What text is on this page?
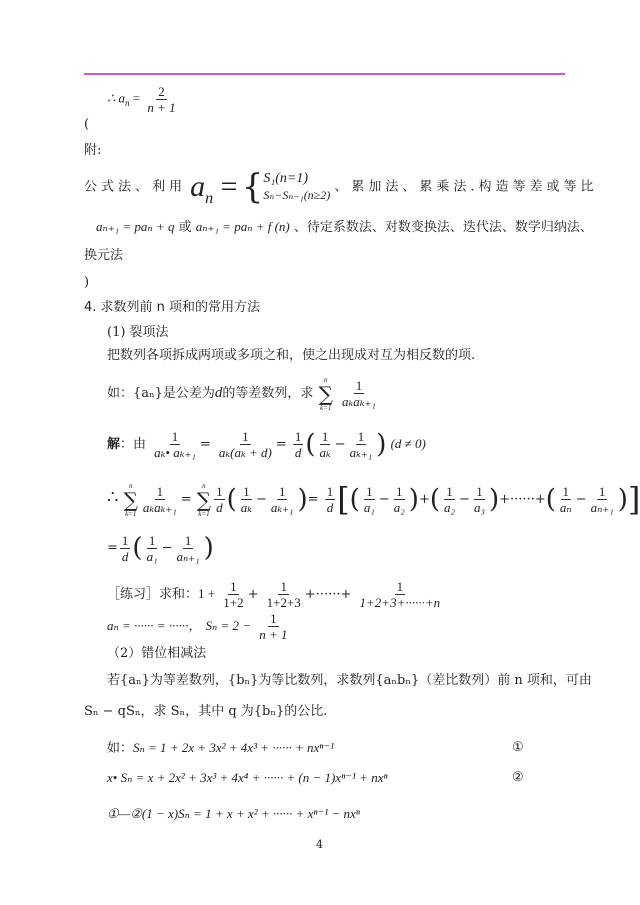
∴ $a_n = \frac{2}{n + 1}$
(
附:
公式法、利用 $a_n$ = { S₁(n=1)
Sₙ−Sₙ₋₁(n≥2)
、累加法、累乘法.构造等差或等比
aₙ₊₁ = paₙ + q 或 aₙ₊₁ = paₙ + f (n) 、待定系数法、对数变换法、迭代法、数学归纳法、
换元法
)
4. 求数列前 n 项和的常用方法
(1) 裂项法
把数列各项拆成两项或多项之和，使之出现成对互为相反数的项.
如：{aₙ}是公差为d的等差数列，求
n
∑
k=1
$\frac{1}{\text{aₖaₖ₊₁}}$
解：由 $\frac{1}{\text{aₖ• aₖ₊₁}} = \frac{1}{\text{aₖ(aₖ + d)}} = \frac{1}{d}$ ( $\frac{1}{\text{aₖ}} - \frac{1}{\text{aₖ₊₁}}$ ) (d ≠ 0)
∴
n
∑
$k=1 \frac{1}{\text{aₖaₖ₊₁}}$ =
n
∑
$k=1 \frac{1}{d}$ ( $\frac{1}{\text{aₖ}} - \frac{1}{\text{aₖ₊₁}}$ )= $\frac{1}{d}$ [( $\frac{1}{\text{a₁}} - \frac{1}{\text{a₂}}$ )+( $\frac{1}{\text{a₂}} - \frac{1}{\text{a₃}}$ )+······+( $\frac{1}{\text{aₙ}} - \frac{1}{\text{aₙ₊₁}}$ )]
= $\frac{1}{d}$ ( $\frac{1}{\text{a₁}} - \frac{1}{\text{aₙ₊₁}}$ )
［练习］求和：$1 + \frac{1}{1+2} + \frac{1}{1+2+3}$ +······+ $\frac{1}{1+2+3+\cdot\cdot\cdot\cdot\cdot\cdot+n}$
aₙ = ······ = ······， $S_n = 2 - \frac{1}{n + 1}$
（2）错位相减法
若{aₙ}为等差数列，{bₙ}为等比数列，求数列{aₙbₙ}（差比数列）前 n 项和，可由
Sₙ − qSₙ，求 Sₙ，其中 q 为{bₙ}的公比.
如：Sₙ = 1 + 2x + 3x² + 4x³ + ······ + nxⁿ⁻¹	①
x• Sₙ = x + 2x² + 3x³ + 4x⁴ + ······ + (n − 1)xⁿ⁻¹ + nxⁿ	②
①—②(1 − x)Sₙ = 1 + x + x² + ······ + xⁿ⁻¹ − nxⁿ
4
